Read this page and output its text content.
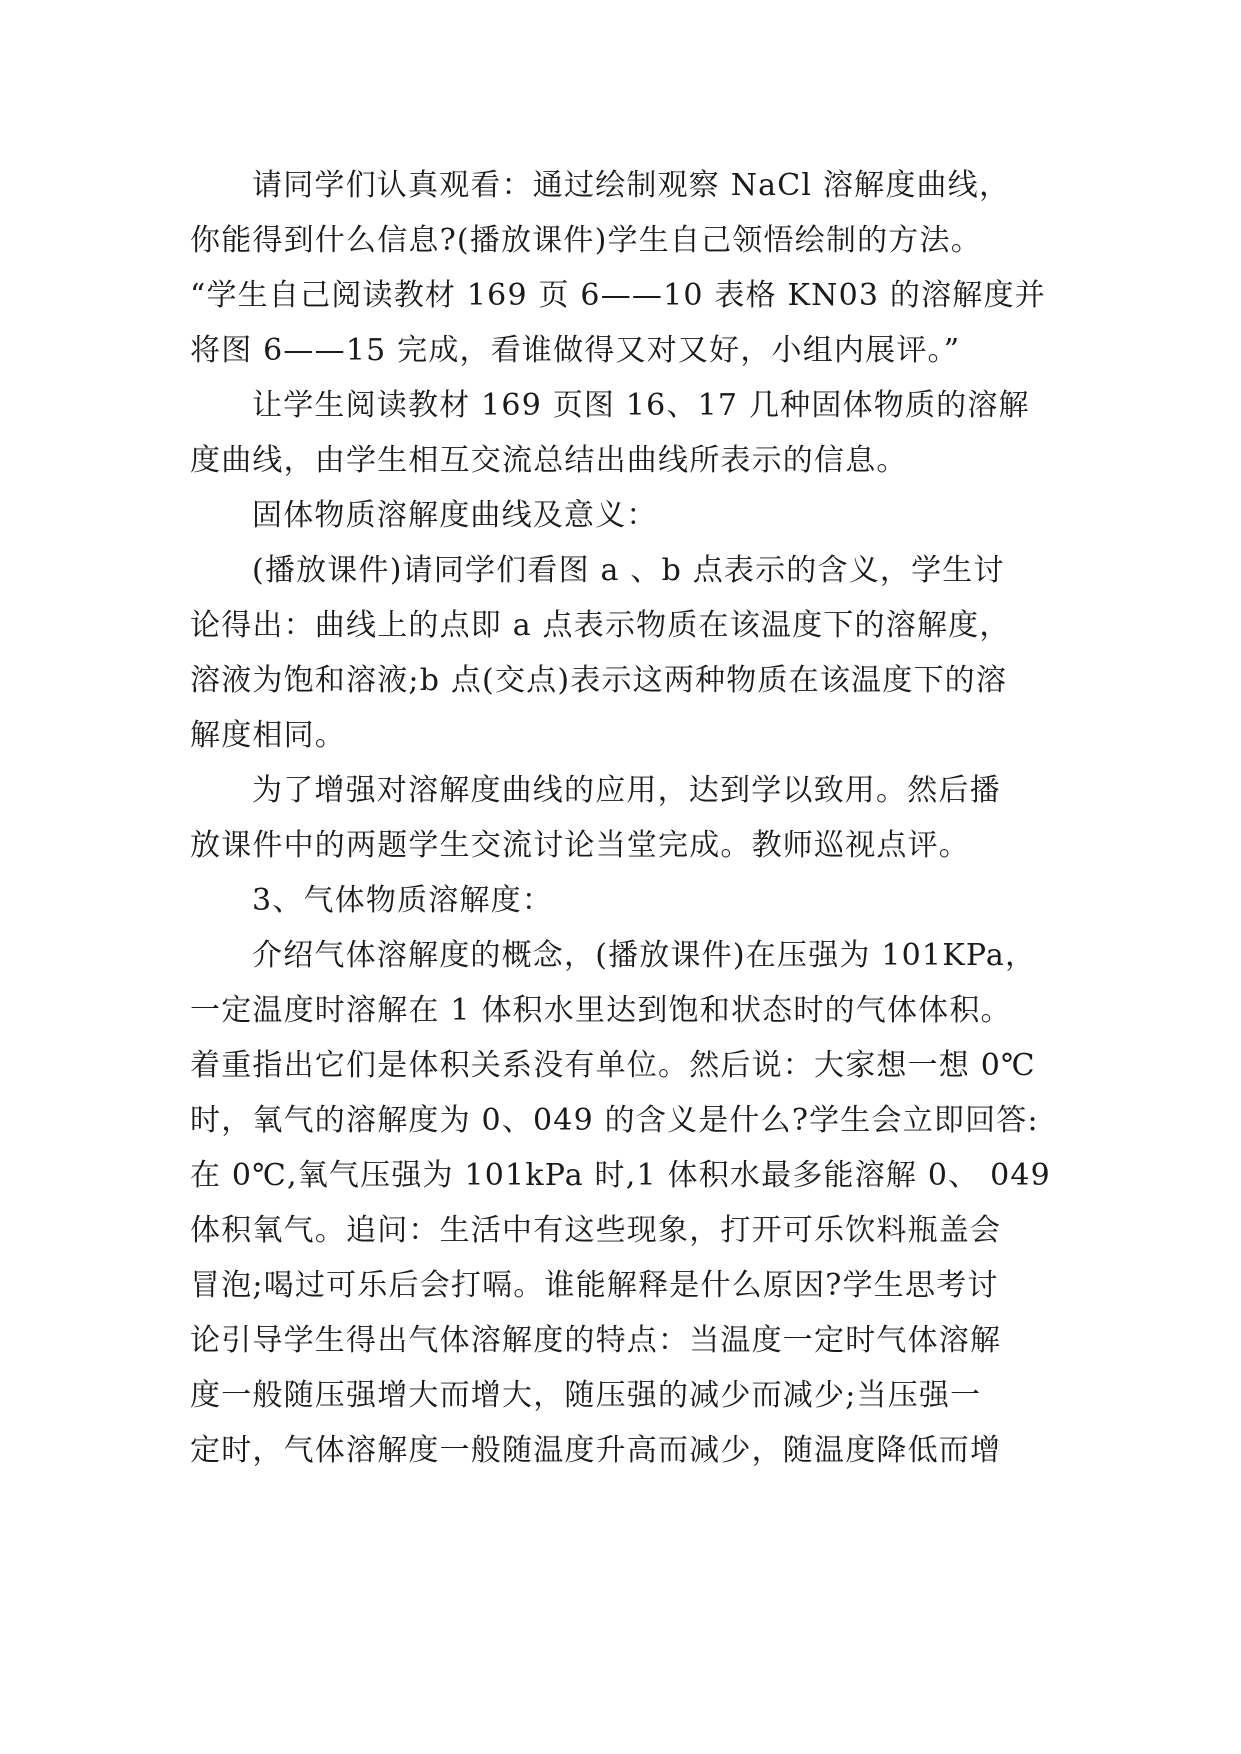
请同学们认真观看：通过绘制观察 NaCl 溶解度曲线，
你能得到什么信息?(播放课件)学生自己领悟绘制的方法。
“学生自己阅读教材 169 页 6——10 表格 KN03 的溶解度并
将图 6——15 完成，看谁做得又对又好，小组内展评。”
让学生阅读教材 169 页图 16、17 几种固体物质的溶解
度曲线，由学生相互交流总结出曲线所表示的信息。
固体物质溶解度曲线及意义：
(播放课件)请同学们看图 a 、b 点表示的含义，学生讨
论得出：曲线上的点即 a 点表示物质在该温度下的溶解度，
溶液为饱和溶液;b 点(交点)表示这两种物质在该温度下的溶
解度相同。
为了增强对溶解度曲线的应用，达到学以致用。然后播
放课件中的两题学生交流讨论当堂完成。教师巡视点评。
3、气体物质溶解度：
介绍气体溶解度的概念，(播放课件)在压强为 101KPa，
一定温度时溶解在 1 体积水里达到饱和状态时的气体体积。
着重指出它们是体积关系没有单位。然后说：大家想一想 0℃
时，氧气的溶解度为 0、049 的含义是什么?学生会立即回答:
在 0℃,氧气压强为 101kPa 时,1 体积水最多能溶解 0、 049
体积氧气。追问：生活中有这些现象，打开可乐饮料瓶盖会
冒泡;喝过可乐后会打嗝。谁能解释是什么原因?学生思考讨
论引导学生得出气体溶解度的特点：当温度一定时气体溶解
度一般随压强增大而增大，随压强的减少而减少;当压强一
定时，气体溶解度一般随温度升高而减少，随温度降低而增
